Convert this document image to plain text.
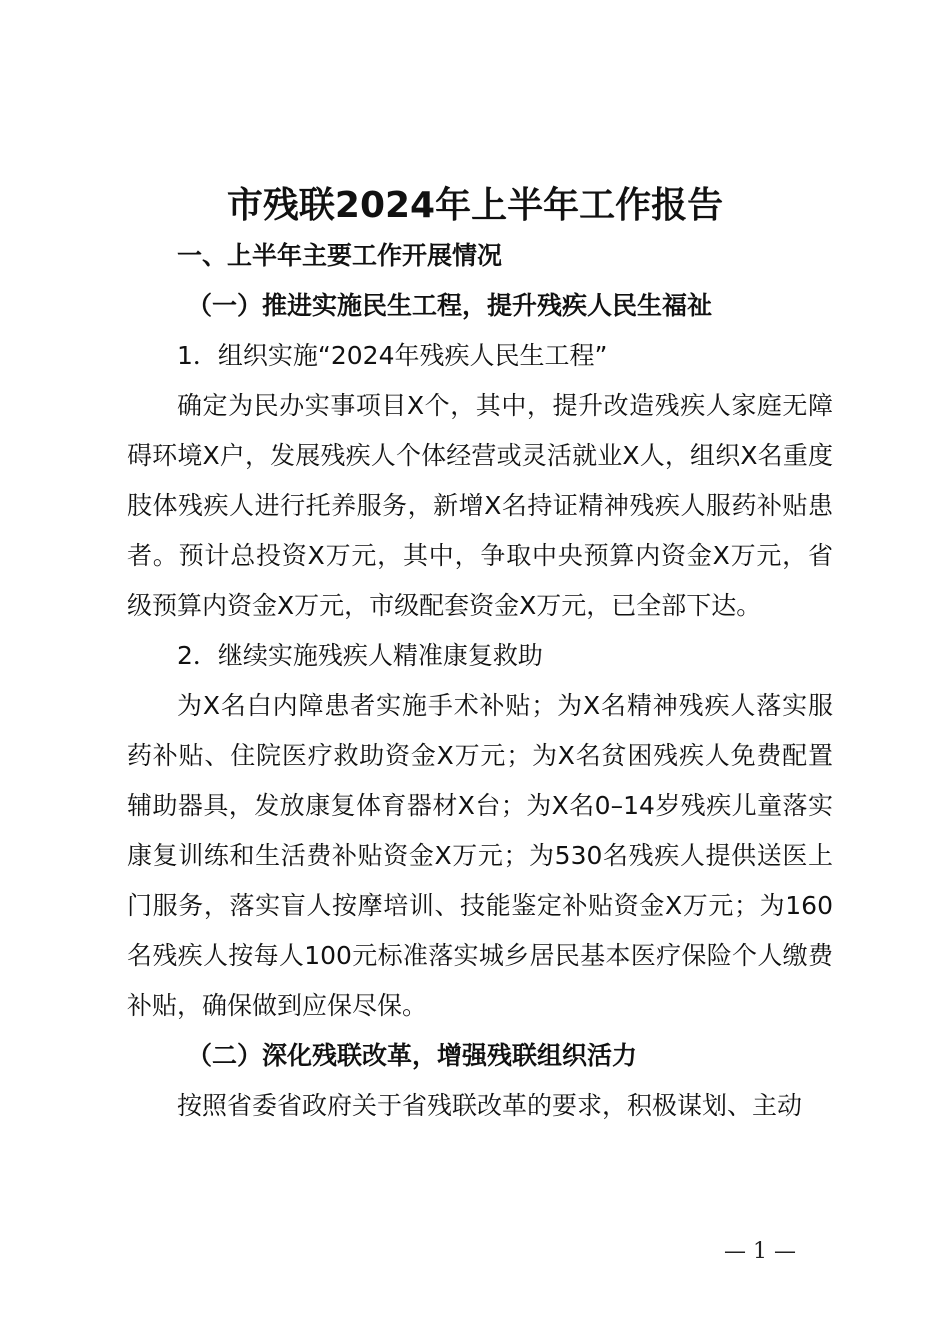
市残联2024年上半年工作报告

一、上半年主要工作开展情况

（一）推进实施民生工程，提升残疾人民生福祉

1．组织实施“2024年残疾人民生工程”

确定为民办实事项目X个，其中，提升改造残疾人家庭无障碍环境X户，发展残疾人个体经营或灵活就业X人，组织X名重度肢体残疾人进行托养服务，新增X名持证精神残疾人服药补贴患者。预计总投资X万元，其中，争取中央预算内资金X万元，省级预算内资金X万元，市级配套资金X万元，已全部下达。

2．继续实施残疾人精准康复救助

为X名白内障患者实施手术补贴；为X名精神残疾人落实服药补贴、住院医疗救助资金X万元；为X名贫困残疾人免费配置辅助器具，发放康复体育器材X台；为X名0–14岁残疾儿童落实康复训练和生活费补贴资金X万元；为530名残疾人提供送医上门服务，落实盲人按摩培训、技能鉴定补贴资金X万元；为160名残疾人按每人100元标准落实城乡居民基本医疗保险个人缴费补贴，确保做到应保尽保。

（二）深化残联改革，增强残联组织活力

按照省委省政府关于省残联改革的要求，积极谋划、主动

— 1 —
